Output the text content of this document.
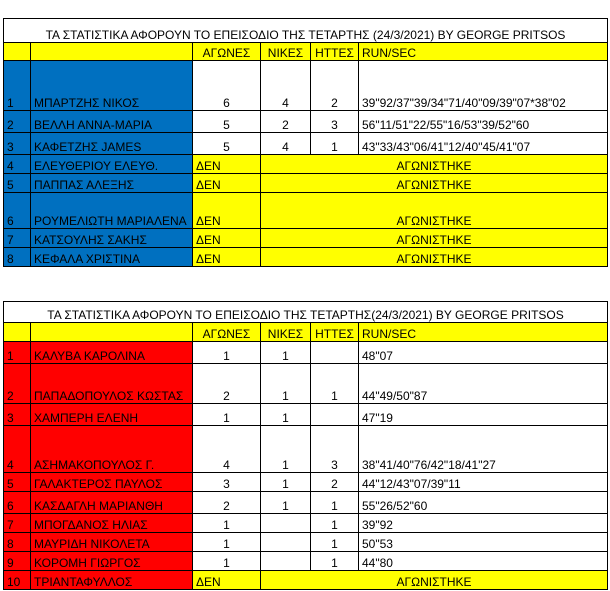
ΤΑ ΣΤΑΤΙΣΤΙΚΑ ΑΦΟΡΟΥΝ ΤΟ ΕΠΕΙΣΟΔΙΟ ΤΗΣ ΤΕΤΑΡΤΗΣ (24/3/2021) BY GEORGE PRITSOS					
		ΑΓΩΝΕΣ	ΝΙΚΕΣ	ΗΤΤΕΣ	RUN/SEC
1	ΜΠΑΡΤΖΗΣ ΝΙΚΟΣ	6	4	2	39"92/37"39/34"71/40"09/39"07*38"02
2	ΒΕΛΛΗ ΑΝΝΑ-ΜΑΡΙΑ	5	2	3	56"11/51"22/55"16/53"39/52"60
3	ΚΑΦΕΤΖΗΣ JAMES	5	4	1	43"33/43"06/41"12/40"45/41"07
4	ΕΛΕΥΘΕΡΙΟΥ ΕΛΕΥΘ.	ΔΕΝ	ΑΓΩΝΙΣΤΗΚΕ		
5	ΠΑΠΠΑΣ ΑΛΕΞΗΣ	ΔΕΝ	ΑΓΩΝΙΣΤΗΚΕ		
6	ΡΟΥΜΕΛΙΩΤΗ ΜΑΡΙΑΛΕΝΑ	ΔΕΝ	ΑΓΩΝΙΣΤΗΚΕ		
7	ΚΑΤΣΟΥΛΗΣ ΣΑΚΗΣ	ΔΕΝ	ΑΓΩΝΙΣΤΗΚΕ		
8	ΚΕΦΑΛΑ ΧΡΙΣΤΙΝΑ	ΔΕΝ	ΑΓΩΝΙΣΤΗΚΕ		
ΤΑ ΣΤΑΤΙΣΤΙΚΑ ΑΦΟΡΟΥΝ ΤΟ ΕΠΕΙΣΟΔΙΟ ΤΗΣ ΤΕΤΑΡΤΗΣ(24/3/2021) BY GEORGE PRITSOS					
		ΑΓΩΝΕΣ	ΝΙΚΕΣ	ΗΤΤΕΣ	RUN/SEC
1	ΚΑΛΥΒΑ ΚΑΡΟΛΙΝΑ	1	1		48"07
2	ΠΑΠΑΔΟΠΟΥΛΟΣ ΚΩΣΤΑΣ	2	1	1	44"49/50"87
3	ΧΑΜΠΕΡΗ ΕΛΕΝΗ	1	1		47"19
4	ΑΣΗΜΑΚΟΠΟΥΛΟΣ Γ.	4	1	3	38"41/40"76/42"18/41"27
5	ΓΑΛΑΚΤΕΡΟΣ ΠΑΥΛΟΣ	3	1	2	44"12/43"07/39"11
6	ΚΑΣΔΑΓΛΗ ΜΑΡΙΑΝΘΗ	2	1	1	55"26/52"60
7	ΜΠΟΓΔΑΝΟΣ ΗΛΙΑΣ	1		1	39"92
8	ΜΑΥΡΙΔΗ ΝΙΚΟΛΕΤΑ	1		1	50"53
9	ΚΟΡΟΜΗ ΓΙΩΡΓΟΣ	1		1	44"80
10	ΤΡΙΑΝΤΑΦΥΛΛΟΣ	ΔΕΝ	ΑΓΩΝΙΣΤΗΚΕ		
